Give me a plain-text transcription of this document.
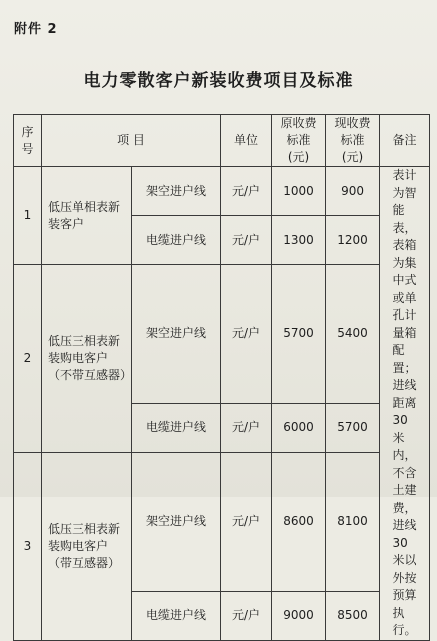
附件 2
电力零散客户新装收费项目及标准
序号	项 目		单位	原收费标准(元)	现收费标准(元)	备注
1	低压单相表新装客户	架空进户线	元/户	1000	900	表计为智能表，表箱为集中式或单孔计量箱配置；进线距离30米内，不含土建费，进线30米以外按预算执行。

		电缆进户线	元/户	1300	1200	
2	低压三相表新装购电客户（不带互感器）	架空进户线	元/户	5700	5400	
		电缆进户线	元/户	6000	5700	
3	低压三相表新装购电客户（带互感器）	架空进户线	元/户	8600	8100	
		电缆进户线	元/户	9000	8500	
